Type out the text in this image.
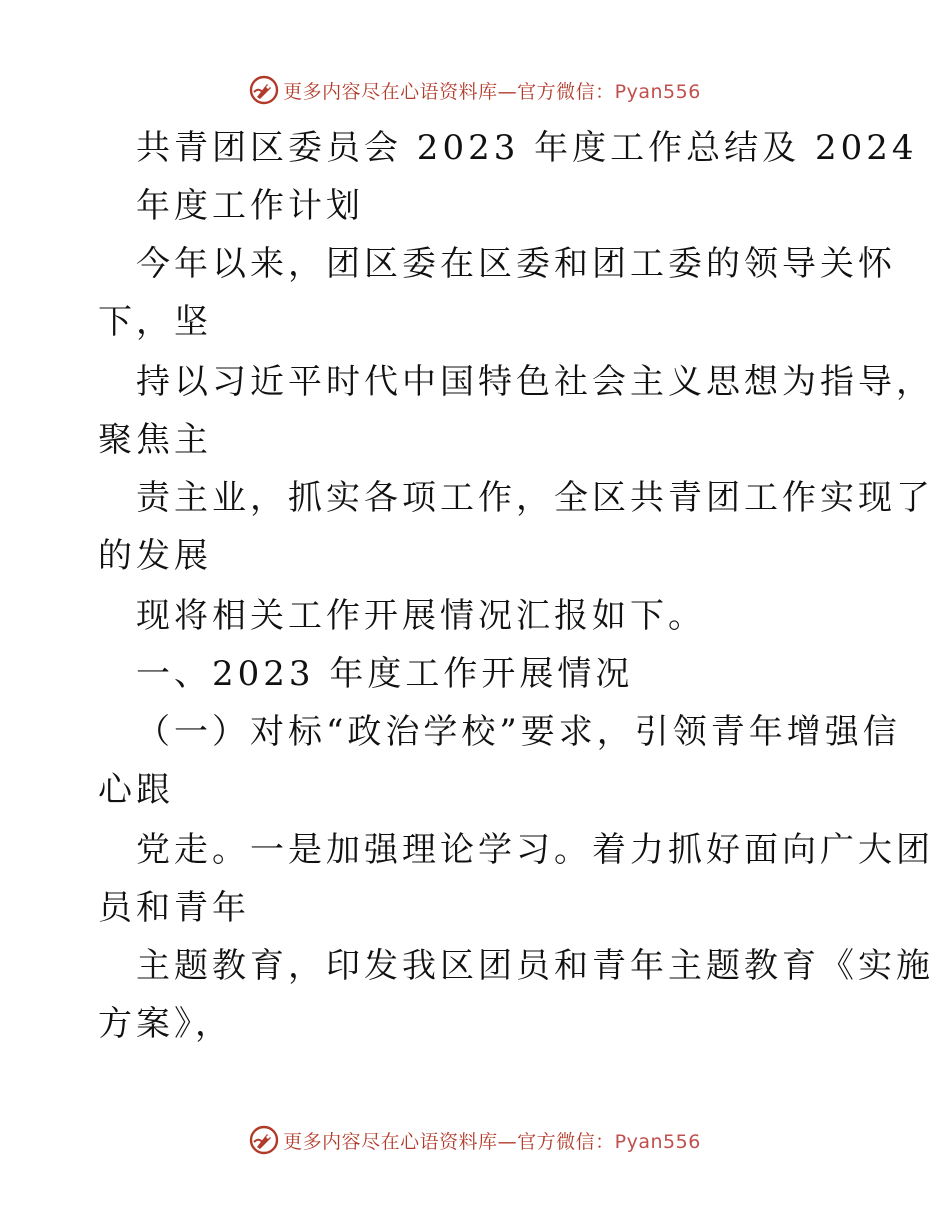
更多内容尽在心语资料库—官方微信：Pyan556
共青团区委员会 2023 年度工作总结及 2024
年度工作计划
今年以来，团区委在区委和团工委的领导关怀
下，坚
持以习近平时代中国特色社会主义思想为指导，
聚焦主
责主业，抓实各项工作，全区共青团工作实现了
的发展
现将相关工作开展情况汇报如下。
一、2023 年度工作开展情况
（一）对标“政治学校”要求，引领青年增强信
心跟
党走。一是加强理论学习。着力抓好面向广大团
员和青年
主题教育，印发我区团员和青年主题教育《实施
方案》，
更多内容尽在心语资料库—官方微信：Pyan556
